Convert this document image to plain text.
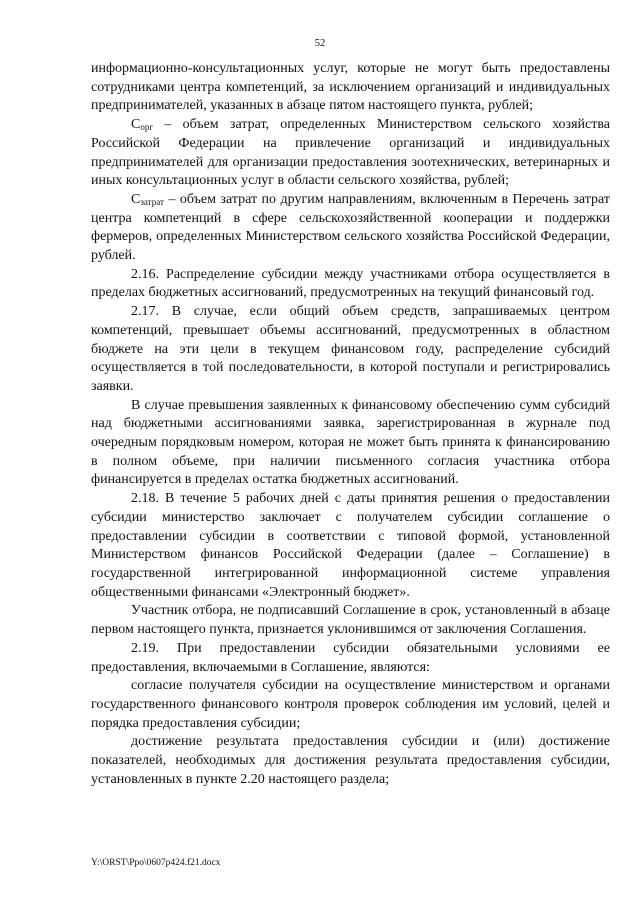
52

информационно-консультационных услуг, которые не могут быть предоставлены сотрудниками центра компетенций, за исключением организаций и индивидуальных предпринимателей, указанных в абзаце пятом настоящего пункта, рублей;

$С_{орг}$ – объем затрат, определенных Министерством сельского хозяйства Российской Федерации на привлечение организаций и индивидуальных предпринимателей для организации предоставления зоотехнических, ветеринарных и иных консультационных услуг в области сельского хозяйства, рублей;

$С_{затрат}$ – объем затрат по другим направлениям, включенным в Перечень затрат центра компетенций в сфере сельскохозяйственной кооперации и поддержки фермеров, определенных Министерством сельского хозяйства Российской Федерации, рублей.

2.16. Распределение субсидии между участниками отбора осуществляется в пределах бюджетных ассигнований, предусмотренных на текущий финансовый год.

2.17. В случае, если общий объем средств, запрашиваемых центром компетенций, превышает объемы ассигнований, предусмотренных в областном бюджете на эти цели в текущем финансовом году, распределение субсидий осуществляется в той последовательности, в которой поступали и регистрировались заявки.

В случае превышения заявленных к финансовому обеспечению сумм субсидий над бюджетными ассигнованиями заявка, зарегистрированная в журнале под очередным порядковым номером, которая не может быть принята к финансированию в полном объеме, при наличии письменного согласия участника отбора финансируется в пределах остатка бюджетных ассигнований.

2.18. В течение 5 рабочих дней с даты принятия решения о предоставлении субсидии министерство заключает с получателем субсидии соглашение о предоставлении субсидии в соответствии с типовой формой, установленной Министерством финансов Российской Федерации (далее – Соглашение) в государственной интегрированной информационной системе управления общественными финансами «Электронный бюджет».

Участник отбора, не подписавший Соглашение в срок, установленный в абзаце первом настоящего пункта, признается уклонившимся от заключения Соглашения.

2.19. При предоставлении субсидии обязательными условиями ее предоставления, включаемыми в Соглашение, являются:

согласие получателя субсидии на осуществление министерством и органами государственного финансового контроля проверок соблюдения им условий, целей и порядка предоставления субсидии;

достижение результата предоставления субсидии и (или) достижение показателей, необходимых для достижения результата предоставления субсидии, установленных в пункте 2.20 настоящего раздела;

Y:\ORST\Ppo\0607p424.f21.docx
